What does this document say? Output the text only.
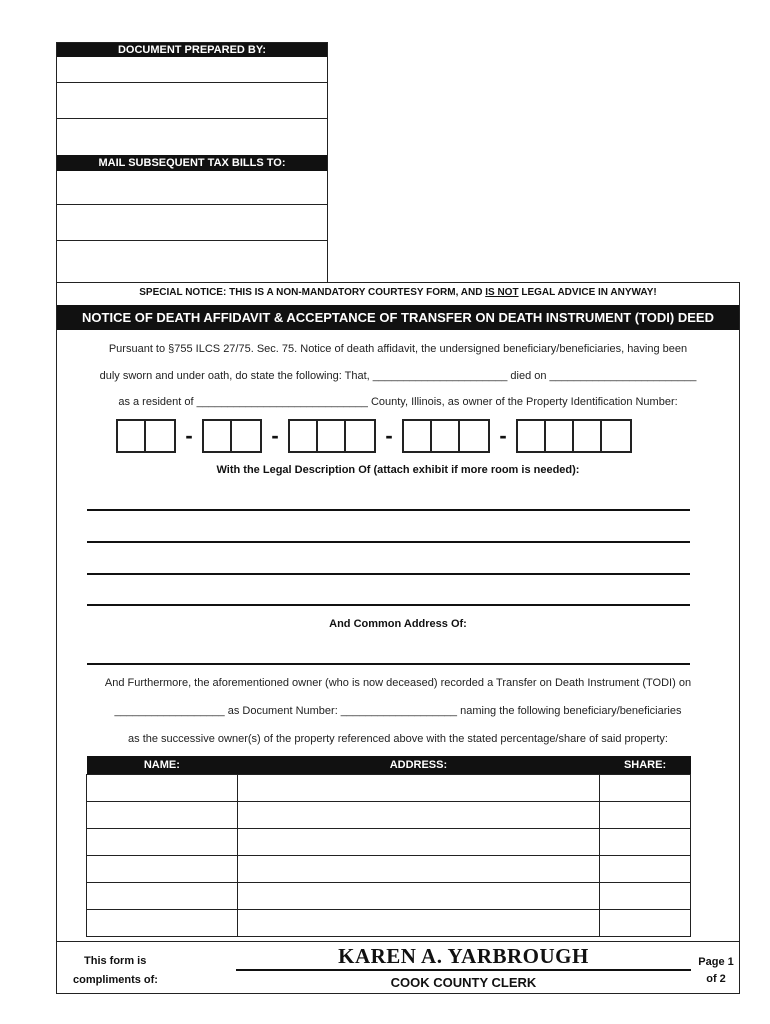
DOCUMENT PREPARED BY:
MAIL SUBSEQUENT TAX BILLS TO:
SPECIAL NOTICE: THIS IS A NON-MANDATORY COURTESY FORM, AND IS NOT LEGAL ADVICE IN ANYWAY!
NOTICE OF DEATH AFFIDAVIT & ACCEPTANCE OF TRANSFER ON DEATH INSTRUMENT (TODI) DEED
Pursuant to §755 ILCS 27/75. Sec. 75. Notice of death affidavit, the undersigned beneficiary/beneficiaries, having been
duly sworn and under oath, do state the following: That, ______________________ died on ________________________
as a resident of ____________________________ County, Illinois, as owner of the Property Identification Number:
-	-	-	-
With the Legal Description Of (attach exhibit if more room is needed):
And Common Address Of:
And Furthermore, the aforementioned owner (who is now deceased) recorded a Transfer on Death Instrument (TODI) on
__________________ as Document Number: ___________________ naming the following beneficiary/beneficiaries
as the successive owner(s) of the property referenced above with the stated percentage/share of said property:
NAME:	ADDRESS:	SHARE:

This form is
compliments of:
KAREN A. YARBROUGH
COOK COUNTY CLERK
Page 1
of 2
